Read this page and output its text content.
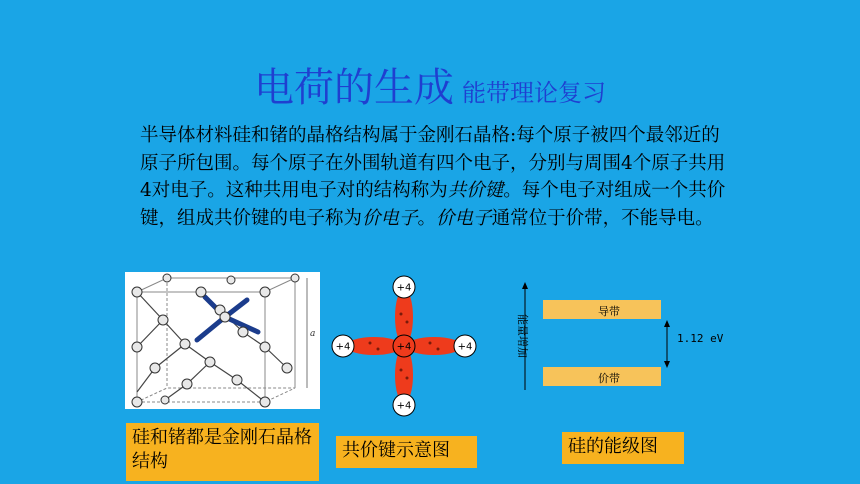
电荷的生成 能带理论复习
半导体材料硅和锗的晶格结构属于金刚石晶格:每个原子被四个最邻近的原子所包围。每个原子在外围轨道有四个电子，分别与周围4个原子共用4对电子。这种共用电子对的结构称为共价键。每个电子对组成一个共价键，组成共价键的电子称为价电子。价电子通常位于价带，不能导电。
a
+4
+4
+4	+4
+4	能量增加
导带
价带
1.12 eV
硅和锗都是金刚石晶格结构
共价键示意图	硅的能级图
